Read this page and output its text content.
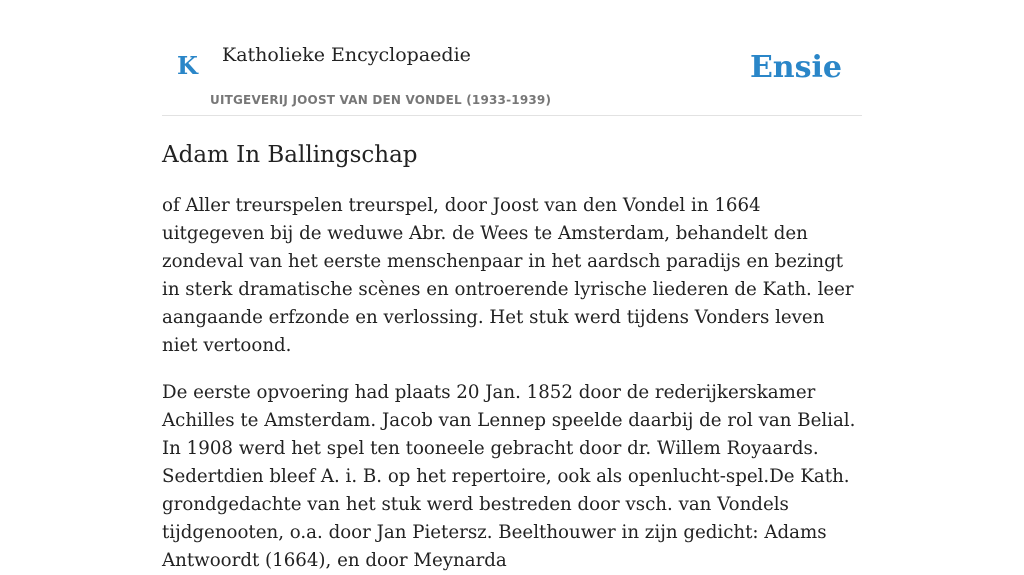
K Katholieke Encyclopaedie
UITGEVERIJ JOOST VAN DEN VONDEL (1933-1939)
Ensie
Adam In Ballingschap

of Aller treurspelen treurspel, door Joost van den Vondel in 1664 uitgegeven bij de weduwe Abr. de Wees te Amsterdam, behandelt den zondeval van het eerste menschenpaar in het aardsch paradijs en bezingt in sterk dramatische scènes en ontroerende lyrische liederen de Kath. leer aangaande erfzonde en verlossing. Het stuk werd tijdens Vonders leven niet vertoond.

De eerste opvoering had plaats 20 Jan. 1852 door de rederijkerskamer Achilles te Amsterdam. Jacob van Lennep speelde daarbij de rol van Belial. In 1908 werd het spel ten tooneele gebracht door dr. Willem Royaards. Sedertdien bleef A. i. B. op het repertoire, ook als openlucht-spel.De Kath. grondgedachte van het stuk werd bestreden door vsch. van Vondels tijdgenooten, o.a. door Jan Pietersz. Beelthouwer in zijn gedicht: Adams Antwoordt (1664), en door Meynarda
